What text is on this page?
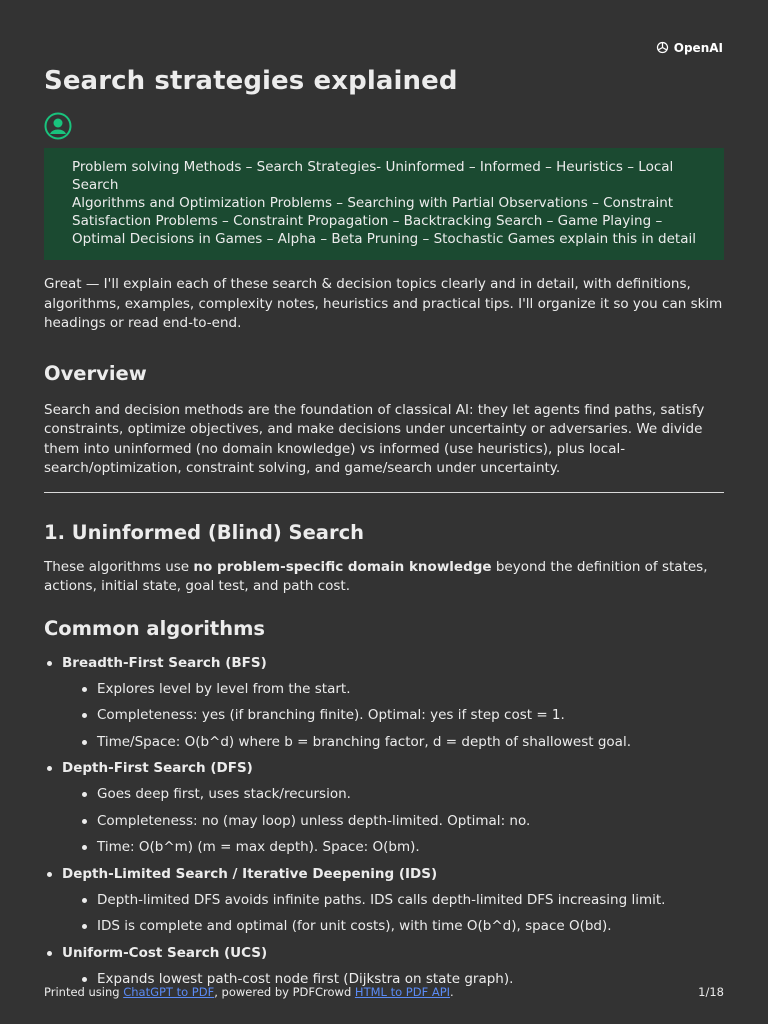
OpenAI
Search strategies explained
Problem solving Methods – Search Strategies- Uninformed – Informed – Heuristics – Local Search
Algorithms and Optimization Problems – Searching with Partial Observations – Constraint Satisfaction Problems – Constraint Propagation – Backtracking Search – Game Playing – Optimal Decisions in Games – Alpha – Beta Pruning – Stochastic Games explain this in detail

Great — I'll explain each of these search & decision topics clearly and in detail, with definitions, algorithms, examples, complexity notes, heuristics and practical tips. I'll organize it so you can skim headings or read end-to-end.

Overview

Search and decision methods are the foundation of classical AI: they let agents find paths, satisfy constraints, optimize objectives, and make decisions under uncertainty or adversaries. We divide them into uninformed (no domain knowledge) vs informed (use heuristics), plus local-search/optimization, constraint solving, and game/search under uncertainty.

1. Uninformed (Blind) Search

These algorithms use no problem-specific domain knowledge beyond the definition of states, actions, initial state, goal test, and path cost.

Common algorithms
Breadth-First Search (BFS)
Explores level by level from the start.
Completeness: yes (if branching finite). Optimal: yes if step cost = 1.
Time/Space: O(b^d) where b = branching factor, d = depth of shallowest goal.
Depth-First Search (DFS)
Goes deep first, uses stack/recursion.
Completeness: no (may loop) unless depth-limited. Optimal: no.
Time: O(b^m) (m = max depth). Space: O(bm).
Depth-Limited Search / Iterative Deepening (IDS)
Depth-limited DFS avoids infinite paths. IDS calls depth-limited DFS increasing limit.
IDS is complete and optimal (for unit costs), with time O(b^d), space O(bd).
Uniform-Cost Search (UCS)
Expands lowest path-cost node first (Dijkstra on state graph).
Printed using ChatGPT to PDF, powered by PDFCrowd HTML to PDF API.	1/18
